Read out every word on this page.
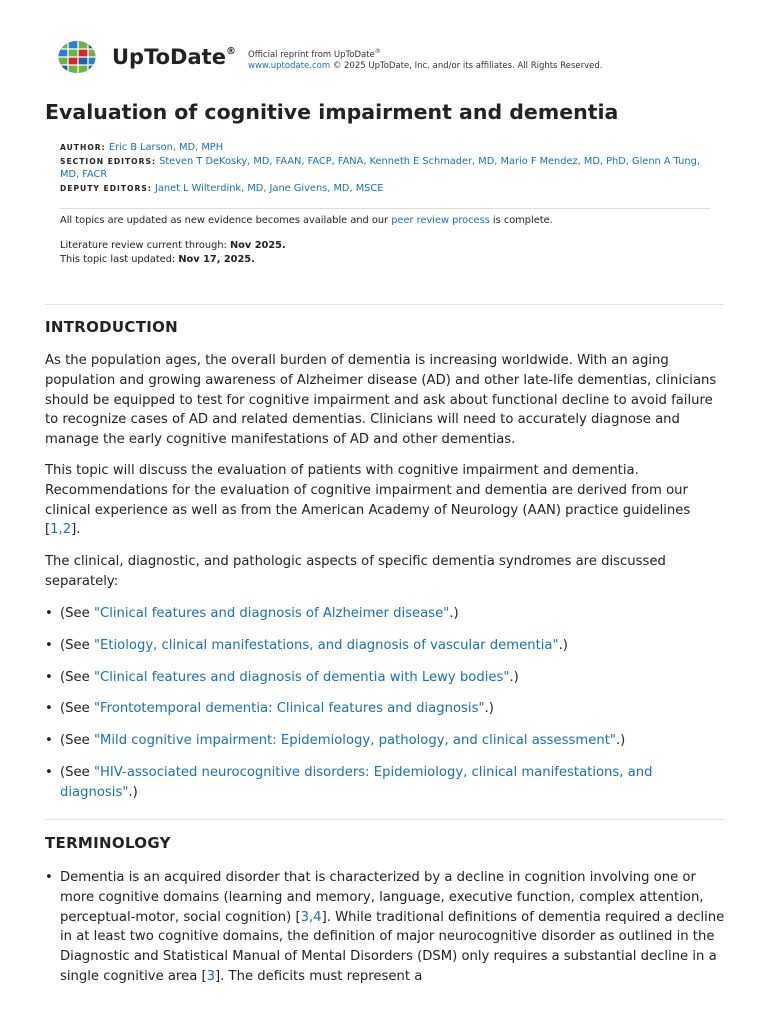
UpToDate® Official reprint from UpToDate®
www.uptodate.com © 2025 UpToDate, Inc. and/or its affiliates. All Rights Reserved.
Evaluation of cognitive impairment and dementia

AUTHOR: Eric B Larson, MD, MPH

SECTION EDITORS: Steven T DeKosky, MD, FAAN, FACP, FANA, Kenneth E Schmader, MD, Mario F Mendez, MD, PhD, Glenn A Tung, MD, FACR

DEPUTY EDITORS: Janet L Wilterdink, MD, Jane Givens, MD, MSCE

All topics are updated as new evidence becomes available and our peer review process is complete.
Literature review current through: Nov 2025.
This topic last updated: Nov 17, 2025.
INTRODUCTION

As the population ages, the overall burden of dementia is increasing worldwide. With an aging population and growing awareness of Alzheimer disease (AD) and other late-life dementias, clinicians should be equipped to test for cognitive impairment and ask about functional decline to avoid failure to recognize cases of AD and related dementias. Clinicians will need to accurately diagnose and manage the early cognitive manifestations of AD and other dementias.

This topic will discuss the evaluation of patients with cognitive impairment and dementia. Recommendations for the evaluation of cognitive impairment and dementia are derived from our clinical experience as well as from the American Academy of Neurology (AAN) practice guidelines [1,2].

The clinical, diagnostic, and pathologic aspects of specific dementia syndromes are discussed separately:

• (See "Clinical features and diagnosis of Alzheimer disease".)

• (See "Etiology, clinical manifestations, and diagnosis of vascular dementia".)

• (See "Clinical features and diagnosis of dementia with Lewy bodies".)

• (See "Frontotemporal dementia: Clinical features and diagnosis".)

• (See "Mild cognitive impairment: Epidemiology, pathology, and clinical assessment".)

• (See "HIV-associated neurocognitive disorders: Epidemiology, clinical manifestations, and diagnosis".)

TERMINOLOGY

• Dementia is an acquired disorder that is characterized by a decline in cognition involving one or more cognitive domains (learning and memory, language, executive function, complex attention, perceptual-motor, social cognition) [3,4]. While traditional definitions of dementia required a decline in at least two cognitive domains, the definition of major neurocognitive disorder as outlined in the Diagnostic and Statistical Manual of Mental Disorders (DSM) only requires a substantial decline in a single cognitive area [3]. The deficits must represent a
